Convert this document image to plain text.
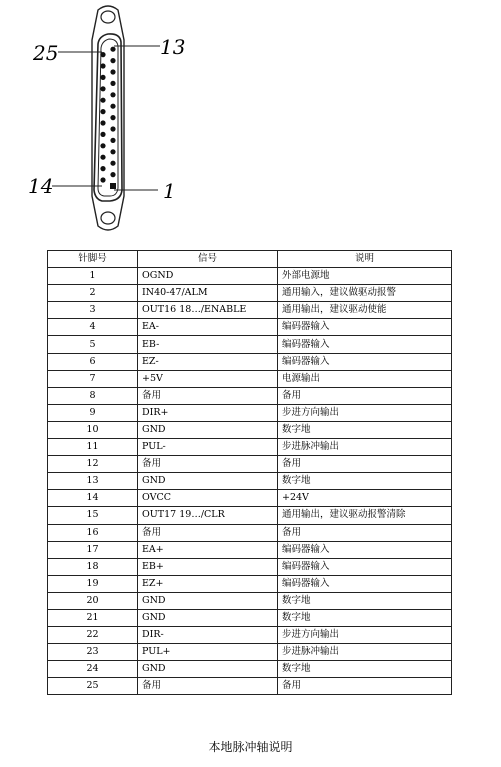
25	13
14	1
针脚号	信号	说明
1	OGND	外部电源地
2	IN40-47/ALM	通用输入，建议做驱动报警
3	OUT16 18…/ENABLE	通用输出，建议驱动使能
4	EA-	编码器输入
5	EB-	编码器输入
6	EZ-	编码器输入
7	+5V	电源输出
8	备用	备用
9	DIR+	步进方向输出
10	GND	数字地
11	PUL-	步进脉冲输出
12	备用	备用
13	GND	数字地
14	OVCC	+24V
15	OUT17 19…/CLR	通用输出，建议驱动报警清除
16	备用	备用
17	EA+	编码器输入
18	EB+	编码器输入
19	EZ+	编码器输入
20	GND	数字地
21	GND	数字地
22	DIR-	步进方向输出
23	PUL+	步进脉冲输出
24	GND	数字地
25	备用	备用
本地脉冲轴说明
